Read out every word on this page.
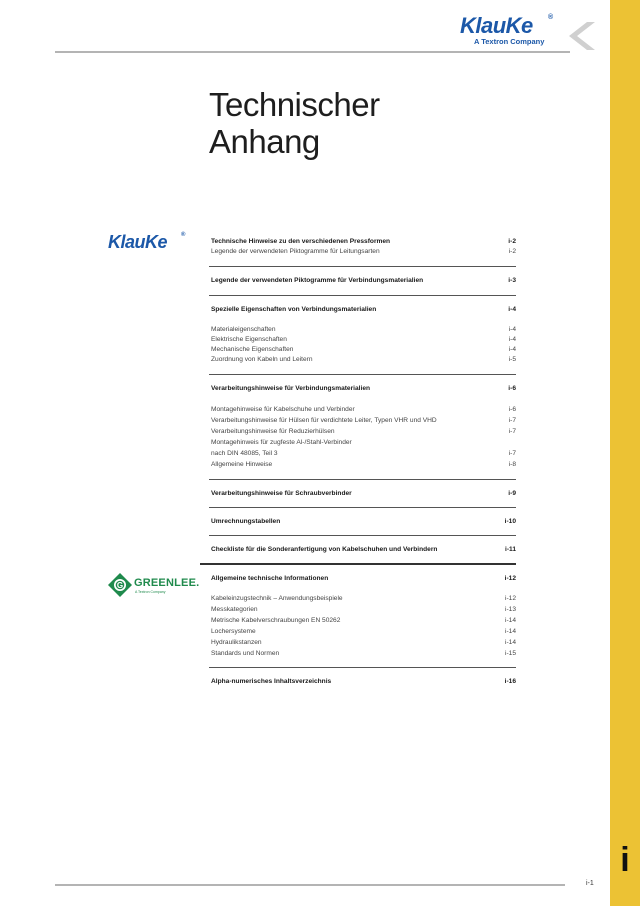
i
KlauKe ®
A Textron Company
Technischer
Anhang
KlauKe ®
G GREENLEE.
A Textron Company
Technische Hinweise zu den verschiedenen Pressformen	i-2
Legende der verwendeten Piktogramme für Leitungsarten	i-2
Legende der verwendeten Piktogramme für Verbindungsmaterialien	i-3
Spezielle Eigenschaften von Verbindungsmaterialien	i-4
Materialeigenschaften	i-4
Elektrische Eigenschaften	i-4
Mechanische Eigenschaften	i-4
Zuordnung von Kabeln und Leitern	i-5
Verarbeitungshinweise für Verbindungsmaterialien	i-6
Montagehinweise für Kabelschuhe und Verbinder	i-6
Verarbeitungshinweise für Hülsen für verdichtete Leiter, Typen VHR und VHD	i-7
Verarbeitungshinweise für Reduzierhülsen	i-7
Montagehinweis für zugfeste Al-/Stahl-Verbinder
nach DIN 48085, Teil 3	i-7
Allgemeine Hinweise	i-8
Verarbeitungshinweise für Schraubverbinder	i-9
Umrechnungstabellen	i-10
Checkliste für die Sonderanfertigung von Kabelschuhen und Verbindern	i-11
Allgemeine technische Informationen	i-12
Kabeleinzugstechnik – Anwendungsbeispiele	i-12
Messkategorien	i-13
Metrische Kabelverschraubungen EN 50262	i-14
Lochersysteme	i-14
Hydraulikstanzen	i-14
Standards und Normen	i-15
Alpha-numerisches Inhaltsverzeichnis	i-16
i-1
